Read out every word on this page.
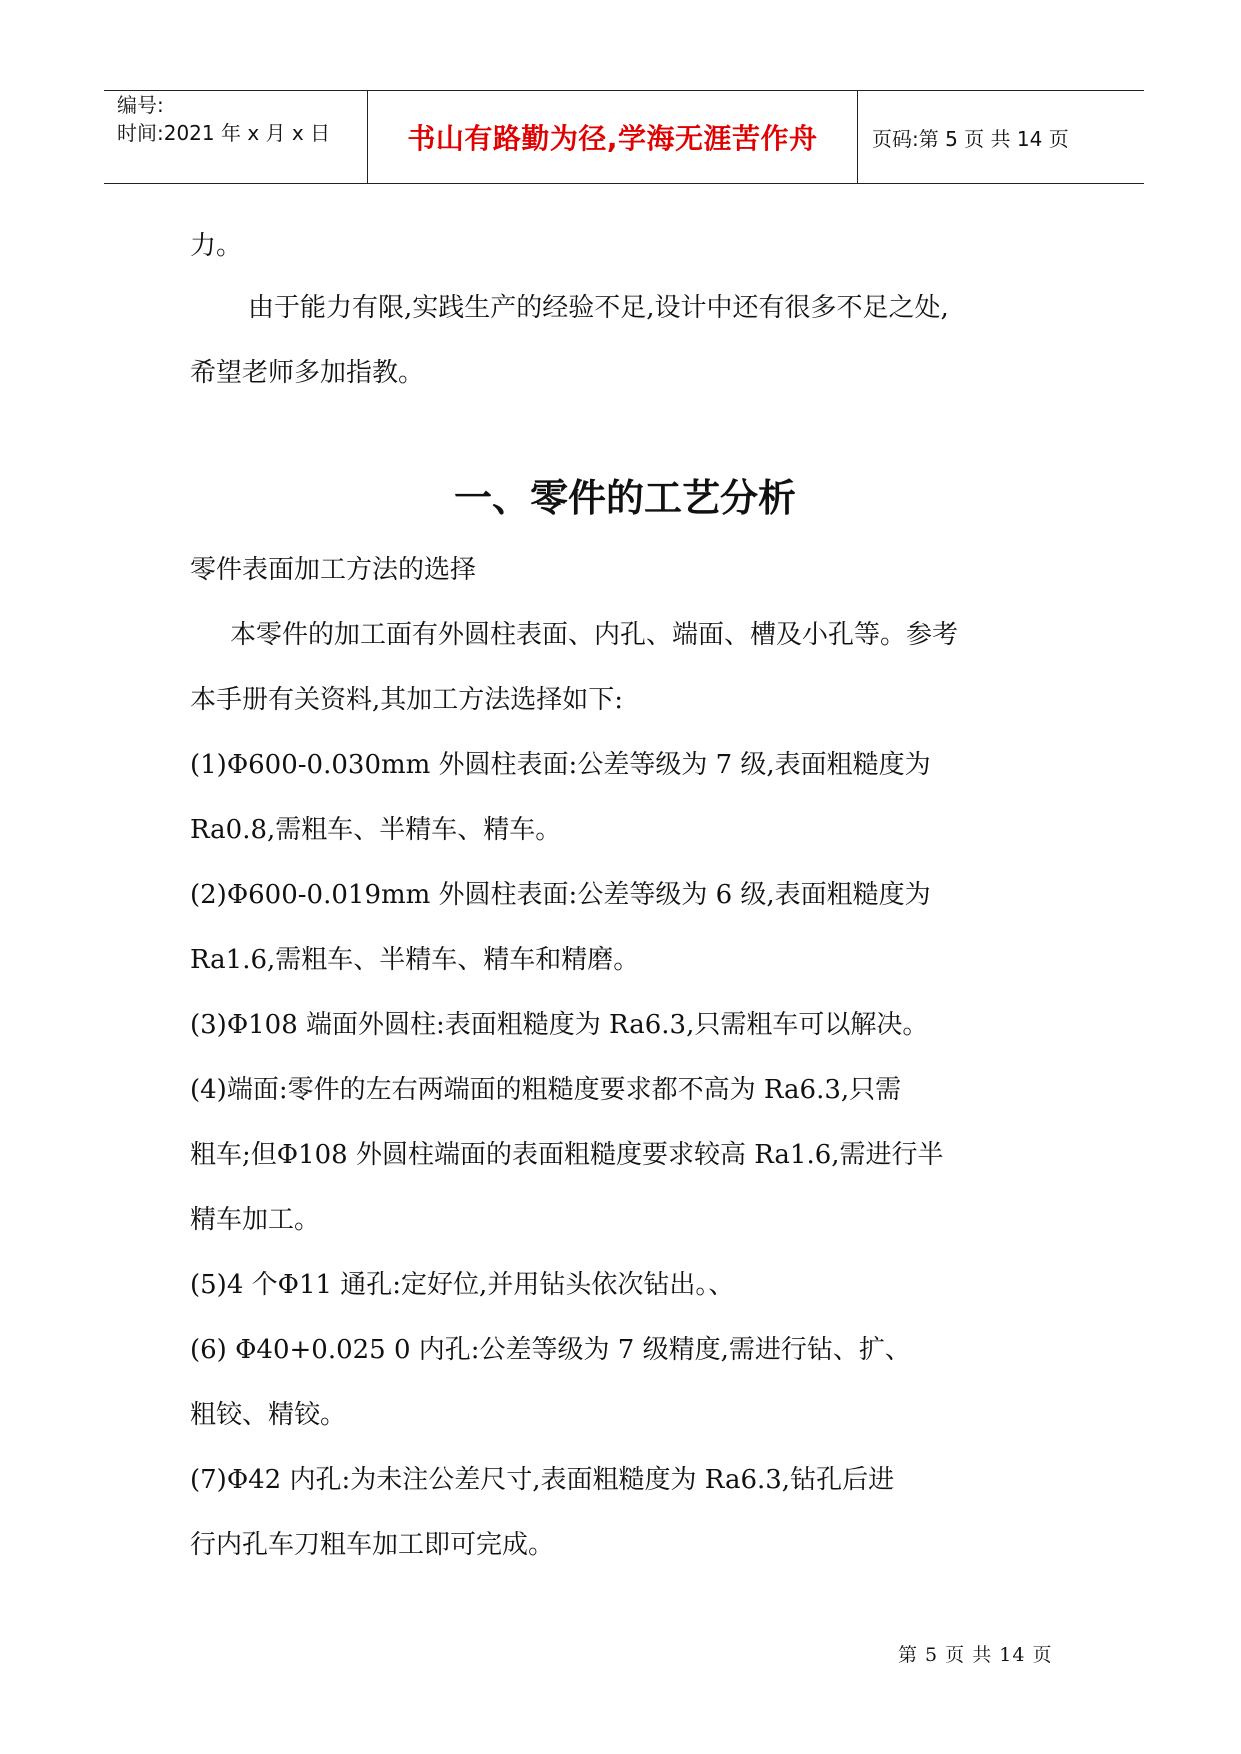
编号:
时间:2021 年 x 月 x 日	书山有路勤为径,学海无涯苦作舟	页码:第 5 页 共 14 页
力。
由于能力有限,实践生产的经验不足,设计中还有很多不足之处,
希望老师多加指教。
一、零件的工艺分析
零件表面加工方法的选择
本零件的加工面有外圆柱表面、内孔、端面、槽及小孔等。参考
本手册有关资料,其加工方法选择如下:
(1)Φ600-0.030mm 外圆柱表面:公差等级为 7 级,表面粗糙度为
Ra0.8,需粗车、半精车、精车。
(2)Φ600-0.019mm 外圆柱表面:公差等级为 6 级,表面粗糙度为
Ra1.6,需粗车、半精车、精车和精磨。
(3)Φ108 端面外圆柱:表面粗糙度为 Ra6.3,只需粗车可以解决。
(4)端面:零件的左右两端面的粗糙度要求都不高为 Ra6.3,只需
粗车;但Φ108 外圆柱端面的表面粗糙度要求较高 Ra1.6,需进行半
精车加工。
(5)4 个Φ11 通孔:定好位,并用钻头依次钻出。、
(6) Φ40+0.025 0 内孔:公差等级为 7 级精度,需进行钻、扩、
粗铰、精铰。
(7)Φ42 内孔:为未注公差尺寸,表面粗糙度为 Ra6.3,钻孔后进
行内孔车刀粗车加工即可完成。
第 5 页 共 14 页
